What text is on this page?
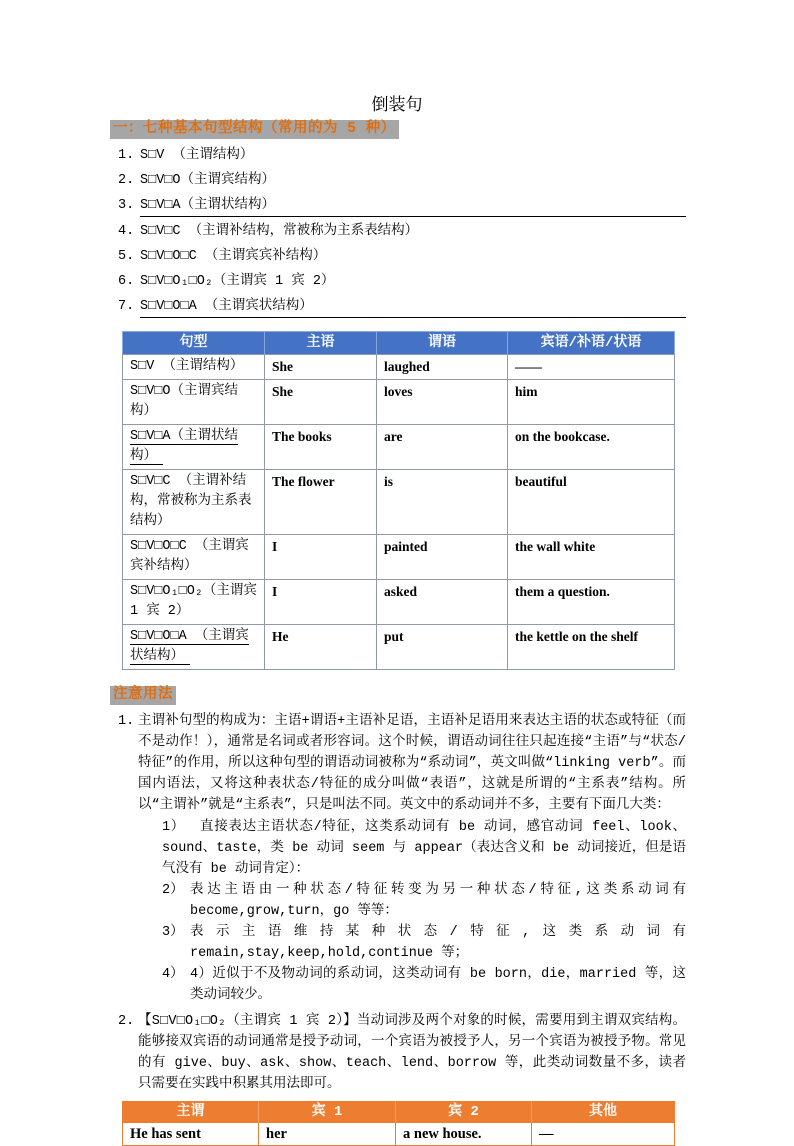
倒装句
一：七种基本句型结构（常用的为 5 种）
1. S□V （主谓结构）
2. S□V□O（主谓宾结构）
3. S□V□A（主谓状结构）
4. S□V□C （主谓补结构，常被称为主系表结构）
5. S□V□O□C （主谓宾宾补结构）
6. S□V□O₁□O₂（主谓宾 1 宾 2）
7. S□V□O□A （主谓宾状结构）
句型	主语	谓语	宾语/补语/状语
S□V （主谓结构）	She	laughed	——
S□V□O（主谓宾结构）	She	loves	him
S□V□A（主谓状结构）	The books	are	on the bookcase.
S□V□C （主谓补结构，常被称为主系表结构）	The flower	is	beautiful
S□V□O□C （主谓宾宾补结构）	I	painted	the wall white
S□V□O₁□O₂（主谓宾 1 宾 2）	I	asked	them a question.
S□V□O□A （主谓宾状结构）	He	put	the kettle on the shelf
注意用法
1. 主谓补句型的构成为：主语+谓语+主语补足语，主语补足语用来表达主语的状态或特征（而不是动作！），通常是名词或者形容词。这个时候，谓语动词往往只起连接“主语”与“状态/特征”的作用，所以这种句型的谓语动词被称为“系动词”，英文叫做“linking verb”。而国内语法，又将这种表状态/特征的成分叫做“表语”，这就是所谓的“主系表”结构。所以“主谓补”就是“主系表”，只是叫法不同。英文中的系动词并不多，主要有下面几大类：
1） 直接表达主语状态/特征，这类系动词有 be 动词，感官动词 feel、look、sound、taste，类 be 动词 seem 与 appear（表达含义和 be 动词接近，但是语气没有 be 动词肯定）：
2） 表达主语由一种状态/特征转变为另一种状态/特征,这类系动词有become,grow,turn，go 等等：
3） 表示主语维持某种状态/特征,这类系动词有 remain,stay,keep,hold,continue 等；
4） 4）近似于不及物动词的系动词，这类动词有 be born，die，married 等，这类动词较少。
2. 【S□V□O₁□O₂（主谓宾 1 宾 2）】当动词涉及两个对象的时候，需要用到主谓双宾结构。能够接双宾语的动词通常是授予动词，一个宾语为被授予人，另一个宾语为被授予物。常见的有 give、buy、ask、show、teach、lend、borrow 等，此类动词数量不多，读者只需要在实践中积累其用法即可。
主谓	宾 1	宾 2	其他
He has sent	her	a new house.	—
